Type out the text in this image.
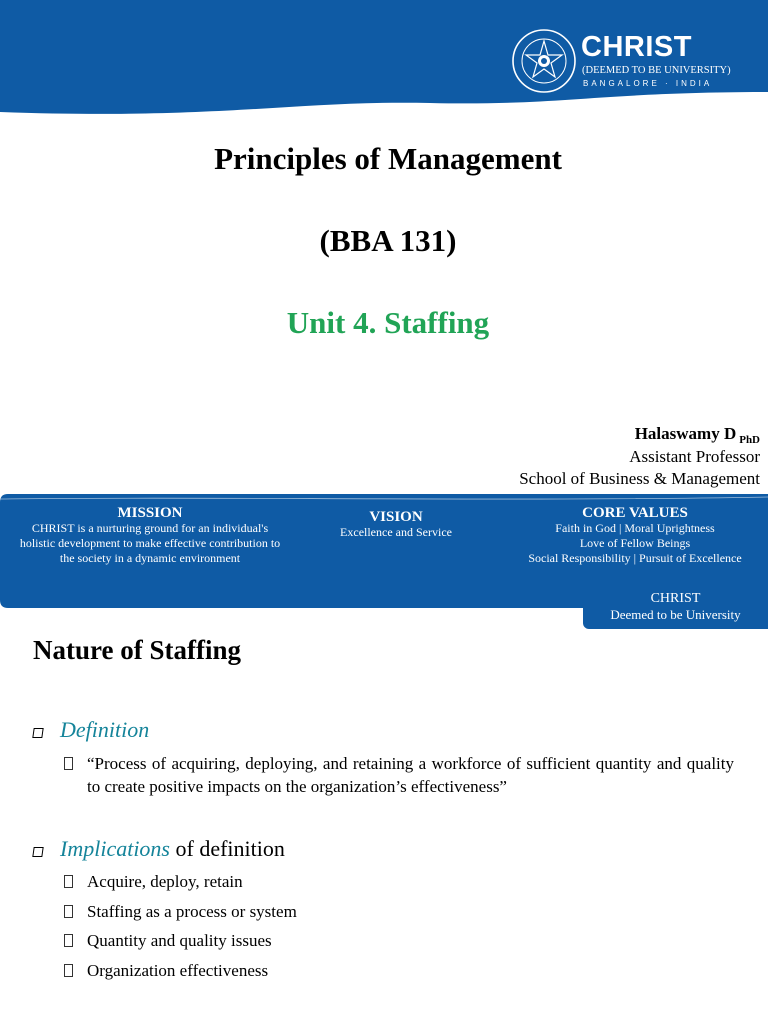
CHRIST
(DEEMED TO BE UNIVERSITY)
BANGALORE · INDIA
Principles of Management
(BBA 131)
Unit 4. Staffing
Halaswamy D $_{PhD}$
Assistant Professor
School of Business & Management
MISSION
CHRIST is a nurturing ground for an individual's
holistic development to make effective contribution to
the society in a dynamic environment
VISION
Excellence and Service
CORE VALUES
Faith in God | Moral Uprightness
Love of Fellow Beings
Social Responsibility | Pursuit of Excellence
CHRIST
Deemed to be University
Nature of Staffing
Definition
“Process of acquiring, deploying, and retaining a workforce of sufficient quantity and quality to create positive impacts on the organization’s effectiveness”
Implications of definition
Acquire, deploy, retain
Staffing as a process or system
Quantity and quality issues
Organization effectiveness
